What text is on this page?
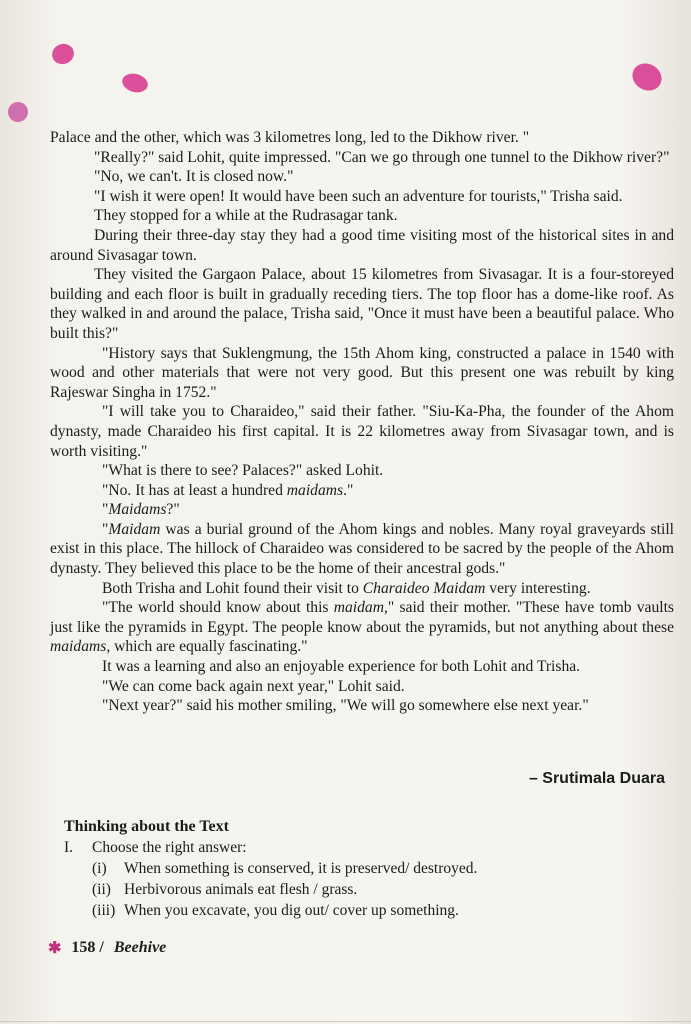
Palace and the other, which was 3 kilometres long, led to the Dikhow river. "

"Really?" said Lohit, quite impressed. "Can we go through one tunnel to the Dikhow river?"

"No, we can't. It is closed now."

"I wish it were open! It would have been such an adventure for tourists," Trisha said.

They stopped for a while at the Rudrasagar tank.

During their three-day stay they had a good time visiting most of the historical sites in and around Sivasagar town.

They visited the Gargaon Palace, about 15 kilometres from Sivasagar. It is a four-storeyed building and each floor is built in gradually receding tiers. The top floor has a dome-like roof. As they walked in and around the palace, Trisha said, "Once it must have been a beautiful palace. Who built this?"

"History says that Suklengmung, the 15th Ahom king, constructed a palace in 1540 with wood and other materials that were not very good. But this present one was rebuilt by king Rajeswar Singha in 1752."

"I will take you to Charaideo," said their father. "Siu-Ka-Pha, the founder of the Ahom dynasty, made Charaideo his first capital. It is 22 kilometres away from Sivasagar town, and is worth visiting."

"What is there to see? Palaces?" asked Lohit.

"No. It has at least a hundred maidams."

"Maidams?"

"Maidam was a burial ground of the Ahom kings and nobles. Many royal graveyards still exist in this place. The hillock of Charaideo was considered to be sacred by the people of the Ahom dynasty. They believed this place to be the home of their ancestral gods."

Both Trisha and Lohit found their visit to Charaideo Maidam very interesting.

"The world should know about this maidam," said their mother. "These have tomb vaults just like the pyramids in Egypt. The people know about the pyramids, but not anything about these maidams, which are equally fascinating."

It was a learning and also an enjoyable experience for both Lohit and Trisha.

"We can come back again next year," Lohit said.

"Next year?" said his mother smiling, "We will go somewhere else next year."

– Srutimala Duara

Thinking about the Text

I.	Choose the right answer:
(i)	When something is conserved, it is preserved/ destroyed.
(ii) Herbivorous animals eat flesh / grass.
(iii) When you excavate, you dig out/ cover up something.
✱ 158 / Beehive
